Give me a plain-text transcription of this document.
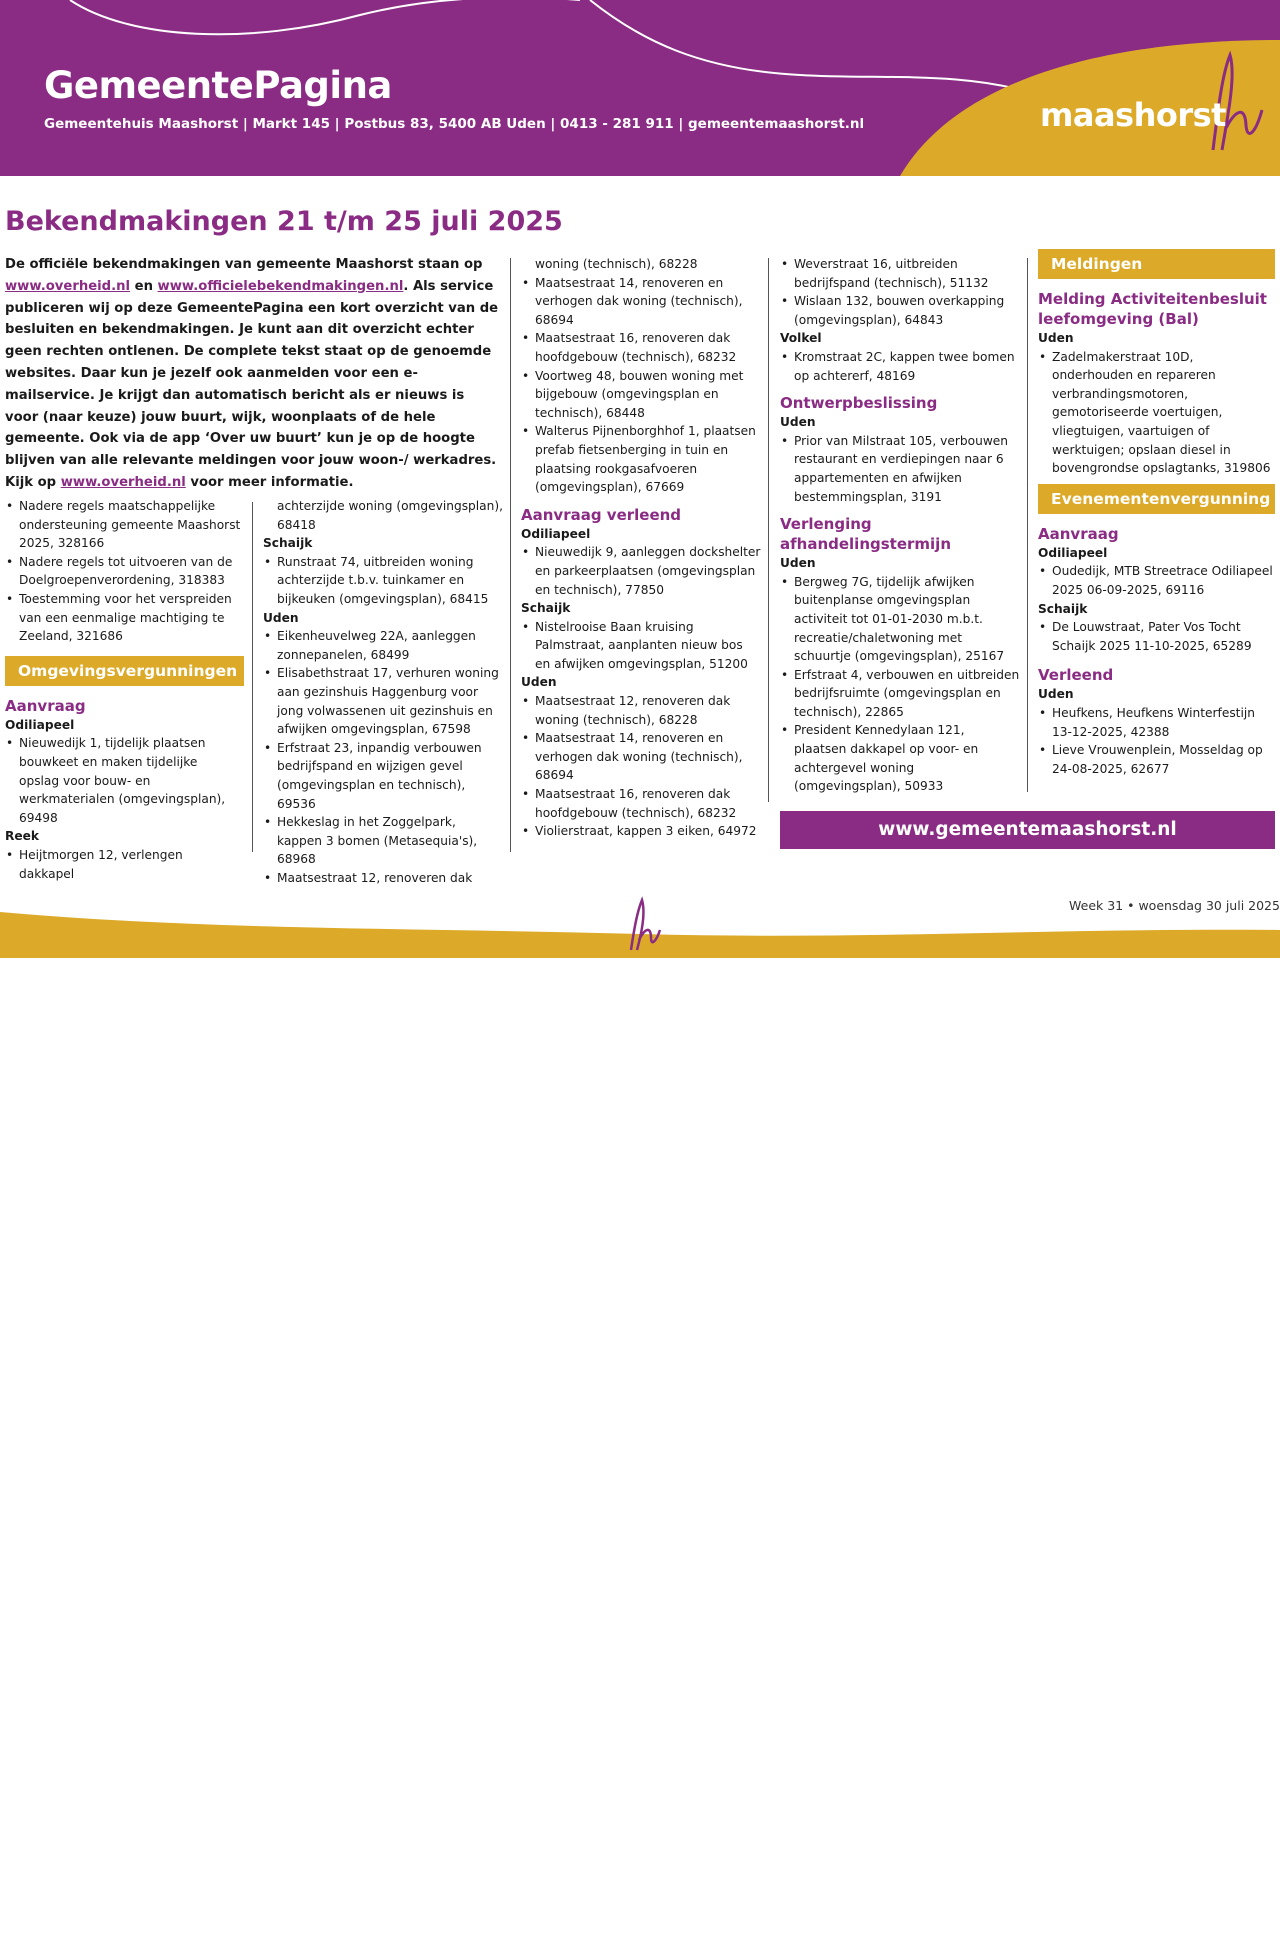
GemeentePagina
Gemeentehuis Maashorst | Markt 145 | Postbus 83, 5400 AB Uden | 0413 - 281 911 | gemeentemaashorst.nl	maashorst
Bekendmakingen 21 t/m 25 juli 2025
De officiële bekendmakingen van gemeente Maashorst staan op www.overheid.nl en www.officielebekendmakingen.nl. Als service publiceren wij op deze GemeentePagina een kort overzicht van de besluiten en bekendmakingen. Je kunt aan dit overzicht echter geen rechten ontlenen. De complete tekst staat op de genoemde websites. Daar kun je jezelf ook aanmelden voor een e-mailservice. Je krijgt dan automatisch bericht als er nieuws is voor (naar keuze) jouw buurt, wijk, woonplaats of de hele gemeente. Ook via de app ‘Over uw buurt’ kun je op de hoogte blijven van alle relevante meldingen voor jouw woon-/ werkadres. Kijk op www.overheid.nl voor meer informatie.
• Nadere regels maatschappelijke ondersteuning gemeente Maashorst 2025, 328166
• Nadere regels tot uitvoeren van de Doelgroepenverordening, 318383
• Toestemming voor het verspreiden van een eenmalige machtiging te Zeeland, 321686
Omgevingsvergunningen
Aanvraag
Odiliapeel
• Nieuwedijk 1, tijdelijk plaatsen bouwkeet en maken tijdelijke opslag voor bouw- en werkmaterialen (omgevingsplan), 69498
Reek
• Heijtmorgen 12, verlengen dakkapel
achterzijde woning (omgevingsplan), 68418
Schaijk
• Runstraat 74, uitbreiden woning achterzijde t.b.v. tuinkamer en bijkeuken (omgevingsplan), 68415
Uden
• Eikenheuvelweg 22A, aanleggen zonnepanelen, 68499
• Elisabethstraat 17, verhuren woning aan gezinshuis Haggenburg voor jong volwassenen uit gezinshuis en afwijken omgevingsplan, 67598
• Erfstraat 23, inpandig verbouwen bedrijfspand en wijzigen gevel (omgevingsplan en technisch), 69536
• Hekkeslag in het Zoggelpark, kappen 3 bomen (Metasequia's), 68968
• Maatsestraat 12, renoveren dak
woning (technisch), 68228
• Maatsestraat 14, renoveren en verhogen dak woning (technisch), 68694
• Maatsestraat 16, renoveren dak hoofdgebouw (technisch), 68232
• Voortweg 48, bouwen woning met bijgebouw (omgevingsplan en technisch), 68448
• Walterus Pijnenborghhof 1, plaatsen prefab fietsenberging in tuin en plaatsing rookgasafvoeren (omgevingsplan), 67669
Aanvraag verleend
Odiliapeel
• Nieuwedijk 9, aanleggen dockshelter en parkeerplaatsen (omgevingsplan en technisch), 77850
Schaijk
• Nistelrooise Baan kruising Palmstraat, aanplanten nieuw bos en afwijken omgevingsplan, 51200
Uden
• Maatsestraat 12, renoveren dak woning (technisch), 68228
• Maatsestraat 14, renoveren en verhogen dak woning (technisch), 68694
• Maatsestraat 16, renoveren dak hoofdgebouw (technisch), 68232
• Violierstraat, kappen 3 eiken, 64972
• Weverstraat 16, uitbreiden bedrijfspand (technisch), 51132
• Wislaan 132, bouwen overkapping (omgevingsplan), 64843
Volkel
• Kromstraat 2C, kappen twee bomen op achtererf, 48169
Ontwerpbeslissing
Uden
• Prior van Milstraat 105, verbouwen restaurant en verdiepingen naar 6 appartementen en afwijken bestemmingsplan, 3191
Verlenging afhandelingstermijn
Uden
• Bergweg 7G, tijdelijk afwijken buitenplanse omgevingsplan activiteit tot 01-01-2030 m.b.t. recreatie/chaletwoning met schuurtje (omgevingsplan), 25167
• Erfstraat 4, verbouwen en uitbreiden bedrijfsruimte (omgevingsplan en technisch), 22865
• President Kennedylaan 121, plaatsen dakkapel op voor- en achtergevel woning (omgevingsplan), 50933
Meldingen
Melding Activiteitenbesluit leefomgeving (Bal)
Uden
• Zadelmakerstraat 10D, onderhouden en repareren verbrandingsmotoren, gemotoriseerde voertuigen, vliegtuigen, vaartuigen of werktuigen; opslaan diesel in bovengrondse opslagtanks, 319806
Evenementenvergunning
Aanvraag
Odiliapeel
• Oudedijk, MTB Streetrace Odiliapeel 2025 06-09-2025, 69116
Schaijk
• De Louwstraat, Pater Vos Tocht Schaijk 2025 11-10-2025, 65289
Verleend
Uden
• Heufkens, Heufkens Winterfestijn 13-12-2025, 42388
• Lieve Vrouwenplein, Mosseldag op 24-08-2025, 62677
www.gemeentemaashorst.nl
Week 31 • woensdag 30 juli 2025
